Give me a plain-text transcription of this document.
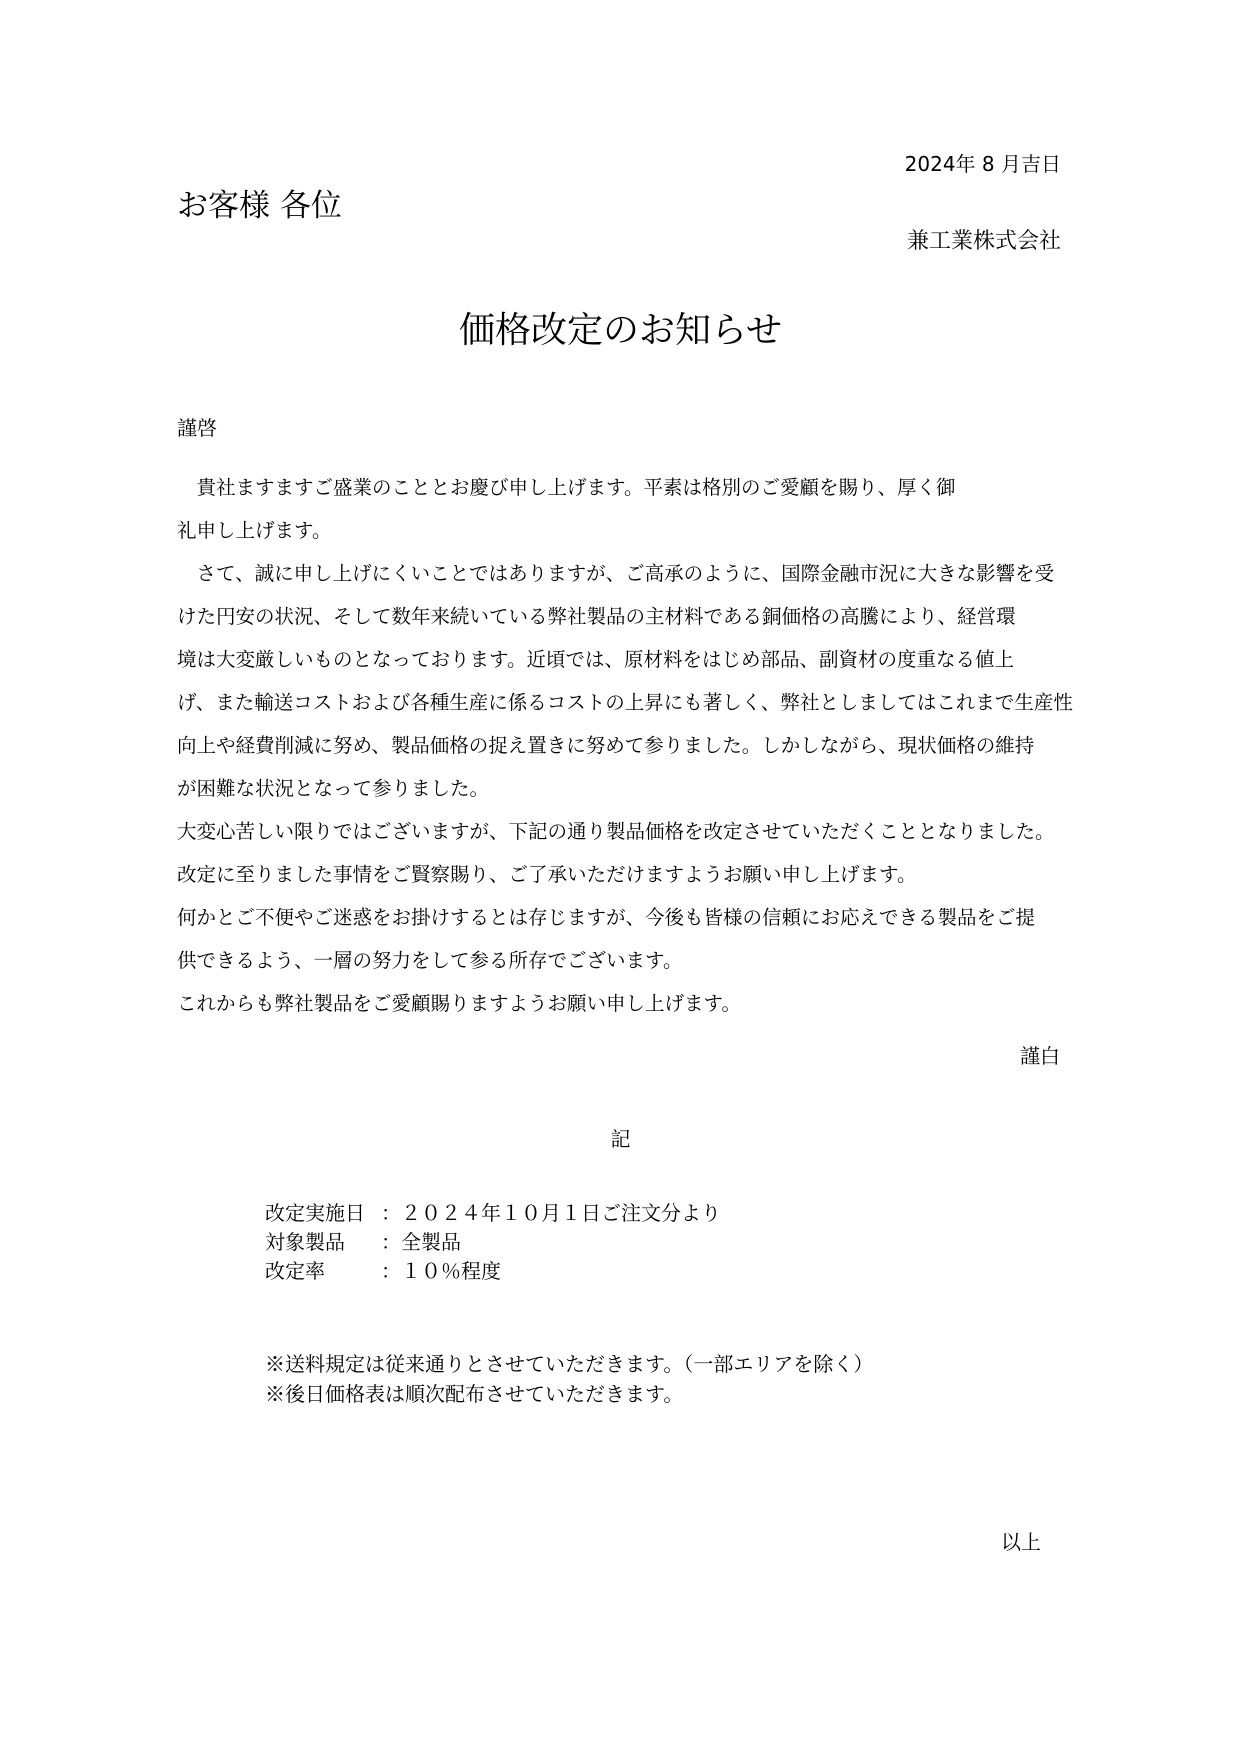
2024年 8 月吉日
お客様 各位
兼工業株式会社
価格改定のお知らせ
謹啓
　貴社ますますご盛業のこととお慶び申し上げます。平素は格別のご愛顧を賜り、厚く御
礼申し上げます。
　さて、誠に申し上げにくいことではありますが、ご高承のように、国際金融市況に大きな影響を受
けた円安の状況、そして数年来続いている弊社製品の主材料である銅価格の高騰により、経営環
境は大変厳しいものとなっております。近頃では、原材料をはじめ部品、副資材の度重なる値上
げ、また輸送コストおよび各種生産に係るコストの上昇にも著しく、弊社としましてはこれまで生産性
向上や経費削減に努め、製品価格の捉え置きに努めて参りました。しかしながら、現状価格の維持
が困難な状況となって参りました。
大変心苦しい限りではございますが、下記の通り製品価格を改定させていただくこととなりました。
改定に至りました事情をご賢察賜り、ご了承いただけますようお願い申し上げます。
何かとご不便やご迷惑をお掛けするとは存じますが、今後も皆様の信頼にお応えできる製品をご提
供できるよう、一層の努力をして参る所存でございます。
これからも弊社製品をご愛顧賜りますようお願い申し上げます。
謹白
記
改定実施日 ：２０２４年１０月１日ご注文分より
対象製品	：全製品
改定率	：１０％程度
※送料規定は従来通りとさせていただきます。（一部エリアを除く）
※後日価格表は順次配布させていただきます。
以上
